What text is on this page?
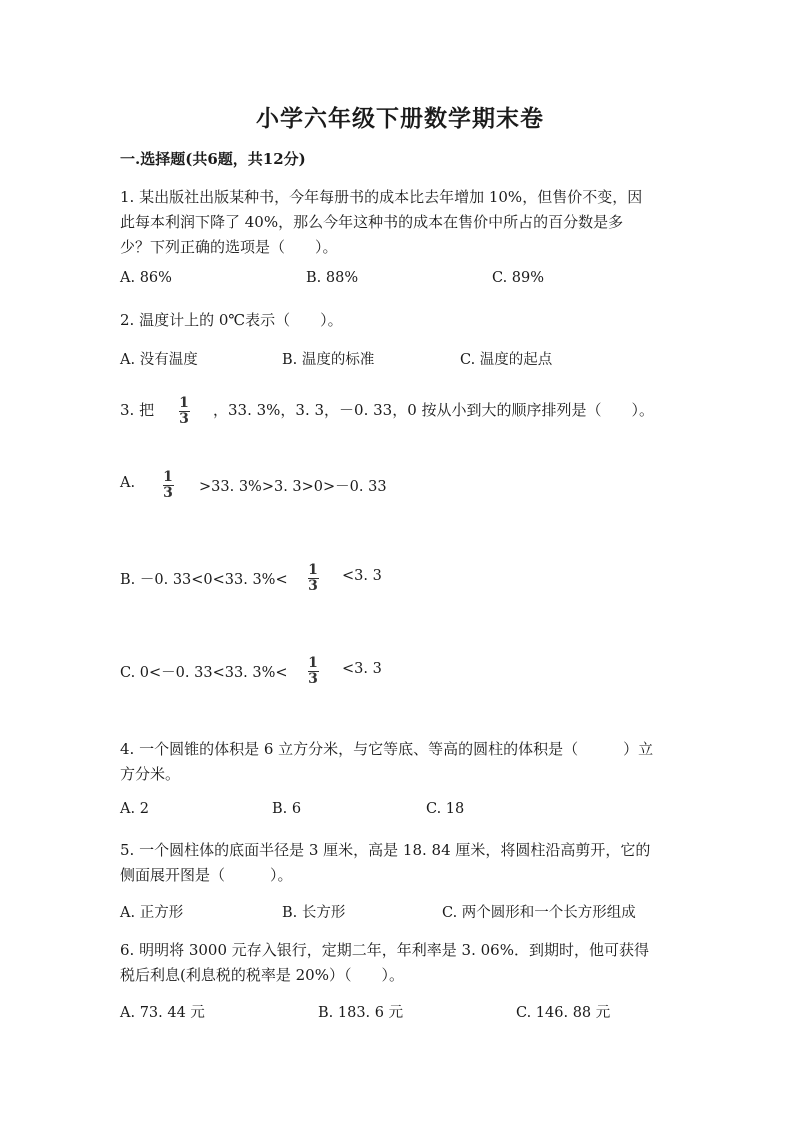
小学六年级下册数学期末卷
一.选择题(共6题，共12分)
1. 某出版社出版某种书，今年每册书的成本比去年增加 10%，但售价不变，因
此每本利润下降了 40%，那么今年这种书的成本在售价中所占的百分数是多
少？下列正确的选项是（　　）。
A. 86%	B. 88%	C. 89%
2. 温度计上的 0℃表示（　　）。
A. 没有温度	B. 温度的标准	C. 温度的起点
3. 把 1
3 ，33. 3%，3. 3，－0. 33，0 按从小到大的顺序排列是（　　）。
A. 1
3 >33. 3%>3. 3>0>－0. 33
B. －0. 33<0<33. 3%<
1
3
<3. 3
C. 0<－0. 33<33. 3%<
1
3
<3. 3
4. 一个圆锥的体积是 6 立方分米，与它等底、等高的圆柱的体积是（　　　）立
方分米。
A. 2	B. 6	C. 18
5. 一个圆柱体的底面半径是 3 厘米，高是 18. 84 厘米，将圆柱沿高剪开，它的
侧面展开图是（　　　）。
A. 正方形	B. 长方形	C. 两个圆形和一个长方形组成
6. 明明将 3000 元存入银行，定期二年，年利率是 3. 06%．到期时，他可获得
税后利息(利息税的税率是 20%）（　　）。
A. 73. 44 元	B. 183. 6 元	C. 146. 88 元
